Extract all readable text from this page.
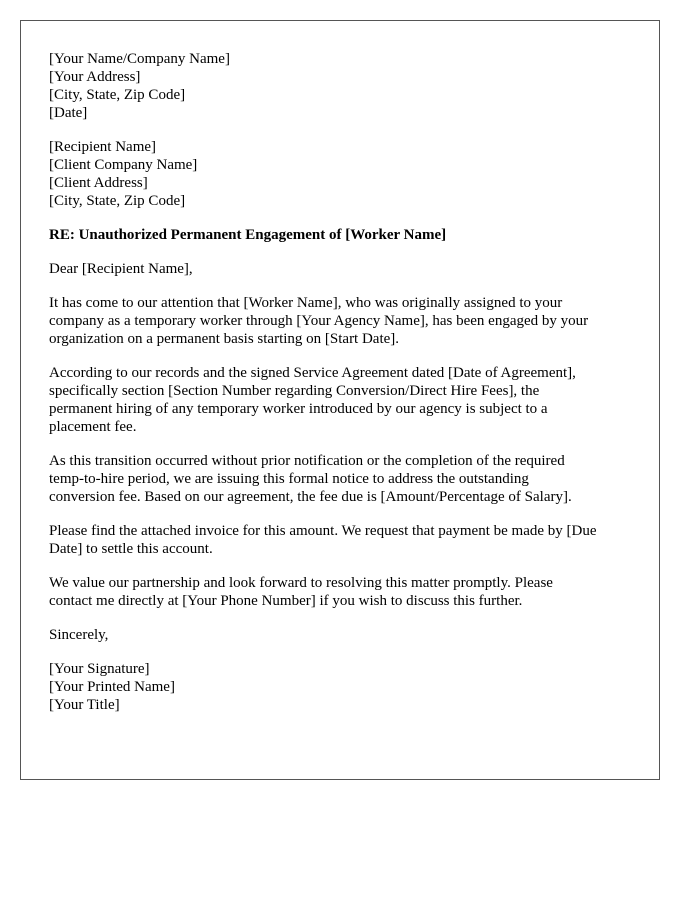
[Your Name/Company Name]
[Your Address]
[City, State, Zip Code]
[Date]
[Recipient Name]
[Client Company Name]
[Client Address]
[City, State, Zip Code]
RE: Unauthorized Permanent Engagement of [Worker Name]
Dear [Recipient Name],
It has come to our attention that [Worker Name], who was originally assigned to your
company as a temporary worker through [Your Agency Name], has been engaged by your
organization on a permanent basis starting on [Start Date].
According to our records and the signed Service Agreement dated [Date of Agreement],
specifically section [Section Number regarding Conversion/Direct Hire Fees], the
permanent hiring of any temporary worker introduced by our agency is subject to a
placement fee.
As this transition occurred without prior notification or the completion of the required
temp-to-hire period, we are issuing this formal notice to address the outstanding
conversion fee. Based on our agreement, the fee due is [Amount/Percentage of Salary].
Please find the attached invoice for this amount. We request that payment be made by [Due
Date] to settle this account.
We value our partnership and look forward to resolving this matter promptly. Please
contact me directly at [Your Phone Number] if you wish to discuss this further.
Sincerely,
[Your Signature]
[Your Printed Name]
[Your Title]
